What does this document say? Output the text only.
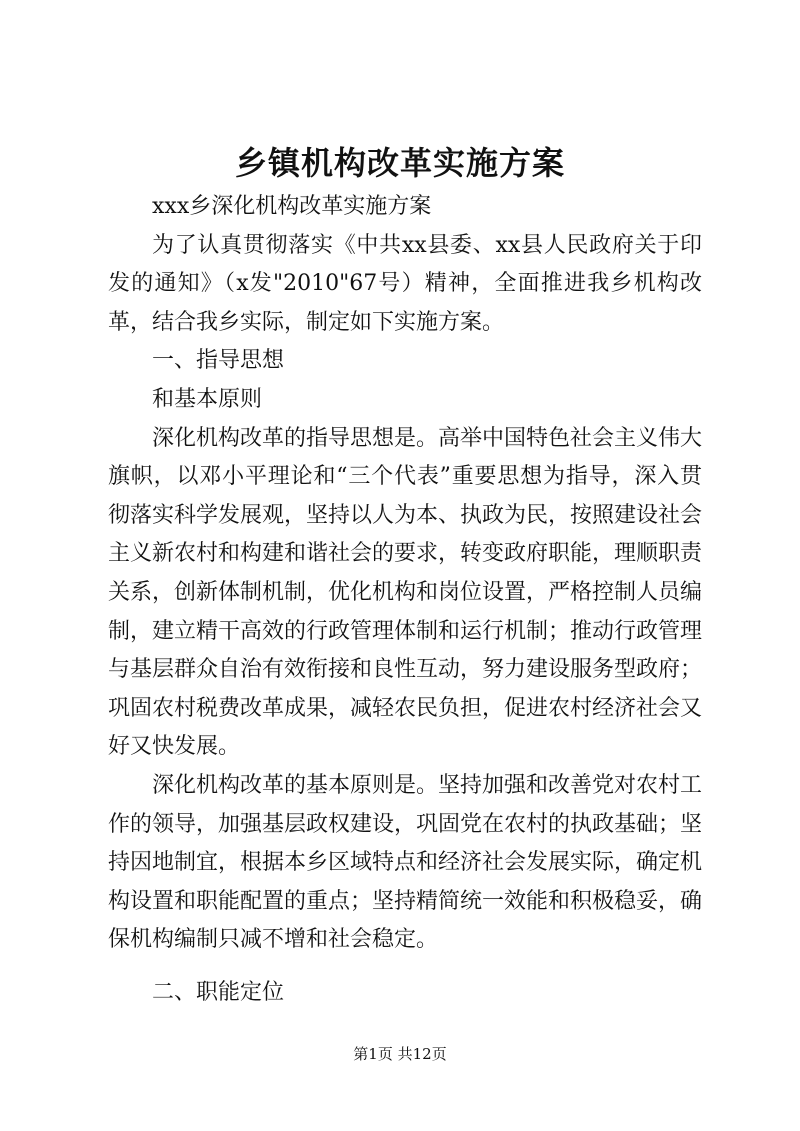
乡镇机构改革实施方案

xxx乡深化机构改革实施方案

为了认真贯彻落实《中共xx县委、xx县人民政府关于印发的通知》（x发"2010"67号）精神，全面推进我乡机构改革，结合我乡实际，制定如下实施方案。

一、指导思想

和基本原则

深化机构改革的指导思想是。高举中国特色社会主义伟大旗帜，以邓小平理论和“三个代表”重要思想为指导，深入贯彻落实科学发展观，坚持以人为本、执政为民，按照建设社会主义新农村和构建和谐社会的要求，转变政府职能，理顺职责关系，创新体制机制，优化机构和岗位设置，严格控制人员编制，建立精干高效的行政管理体制和运行机制；推动行政管理与基层群众自治有效衔接和良性互动，努力建设服务型政府；巩固农村税费改革成果，减轻农民负担，促进农村经济社会又好又快发展。

深化机构改革的基本原则是。坚持加强和改善党对农村工作的领导，加强基层政权建设，巩固党在农村的执政基础；坚持因地制宜，根据本乡区域特点和经济社会发展实际，确定机构设置和职能配置的重点；坚持精简统一效能和积极稳妥，确保机构编制只减不增和社会稳定。

二、职能定位

第1页 共12页
